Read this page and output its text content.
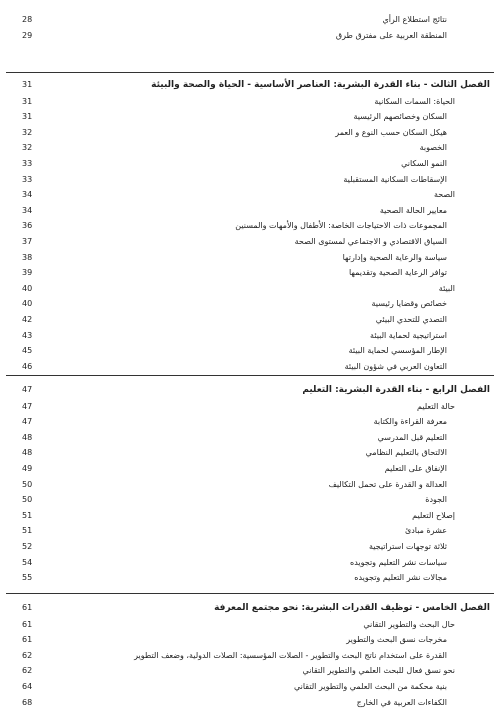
28	نتائج استطلاع الرأي
29	المنطقة العربية على مفترق طرق
31	الفصل الثالث - بناء القدرة البشرية: العناصر الأساسية - الحياة والصحة والبيئة
31	الحياة: السمات السكانية
31	السكان وخصائصهم الرئيسية
32	هيكل السكان حسب النوع و العمر
32	الخصوبة
33	النمو السكاني
33	الإسقاطات السكانية المستقبلية
34	الصحة
34	معايير الحالة الصحية
36	المجموعات ذات الاحتياجات الخاصة: الأطفال والأمهات والمسنين
37	السياق الاقتصادي و الاجتماعي لمستوى الصحة
38	سياسة والرعاية الصحية وإدارتها
39	توافر الرعاية الصحية وتقديمها
40	البيئة
40	خصائص وقضايا رئيسية
42	التصدي للتحدي البيئي
43	استراتيجية لحماية البيئة
45	الإطار المؤسسي لحماية البيئة
46	التعاون العربي في شؤون البيئة
47	الفصل الرابع - بناء القدرة البشرية: التعليم
47	حالة التعليم
47	معرفة القراءة والكتابة
48	التعليم قبل المدرسي
48	الالتحاق بالتعليم النظامي
49	الإنفاق على التعليم
50	العدالة و القدرة على تحمل التكاليف
50	الجودة
51	إصلاح التعليم
51	عشرة مبادئ
52	ثلاثة توجهات استراتيجية
54	سياسات نشر التعليم وتجويده
55	مجالات نشر التعليم وتجويده
61	الفصل الخامس - توظيف القدرات البشرية: نحو مجتمع المعرفة
61	حال البحث والتطوير التقاني
61	مخرجات نسق البحث والتطوير
62	القدرة على استخدام ناتج البحث والتطوير - الصلات المؤسسية: الصلات الدولية، وضعف التطوير
62	نحو نسق فعال للبحث العلمي والتطوير التقاني
64	بنية محكمة من البحث العلمي والتطوير التقاني
68	الكفاءات العربية في الخارج
